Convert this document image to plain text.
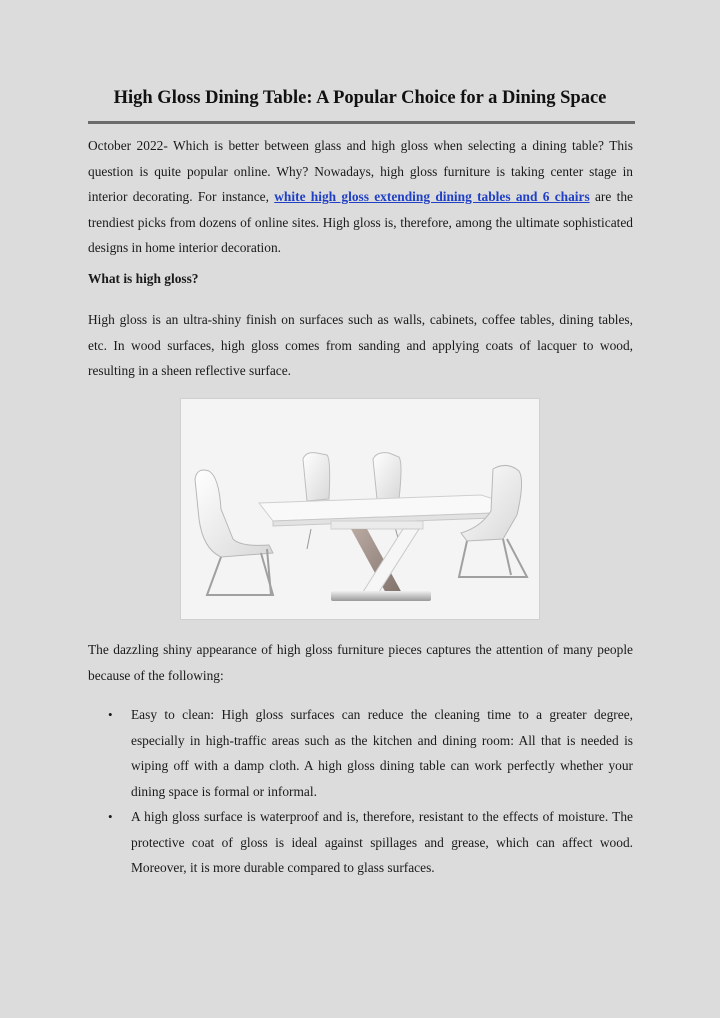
High Gloss Dining Table: A Popular Choice for a Dining Space
October 2022- Which is better between glass and high gloss when selecting a dining table? This question is quite popular online. Why? Nowadays, high gloss furniture is taking center stage in interior decorating. For instance, white high gloss extending dining tables and 6 chairs are the trendiest picks from dozens of online sites. High gloss is, therefore, among the ultimate sophisticated designs in home interior decoration.
What is high gloss?
High gloss is an ultra-shiny finish on surfaces such as walls, cabinets, coffee tables, dining tables, etc. In wood surfaces, high gloss comes from sanding and applying coats of lacquer to wood, resulting in a sheen reflective surface.
The dazzling shiny appearance of high gloss furniture pieces captures the attention of many people because of the following:
• Easy to clean: High gloss surfaces can reduce the cleaning time to a greater degree, especially in high-traffic areas such as the kitchen and dining room: All that is needed is wiping off with a damp cloth. A high gloss dining table can work perfectly whether your dining space is formal or informal.
• A high gloss surface is waterproof and is, therefore, resistant to the effects of moisture. The protective coat of gloss is ideal against spillages and grease, which can affect wood. Moreover, it is more durable compared to glass surfaces.
